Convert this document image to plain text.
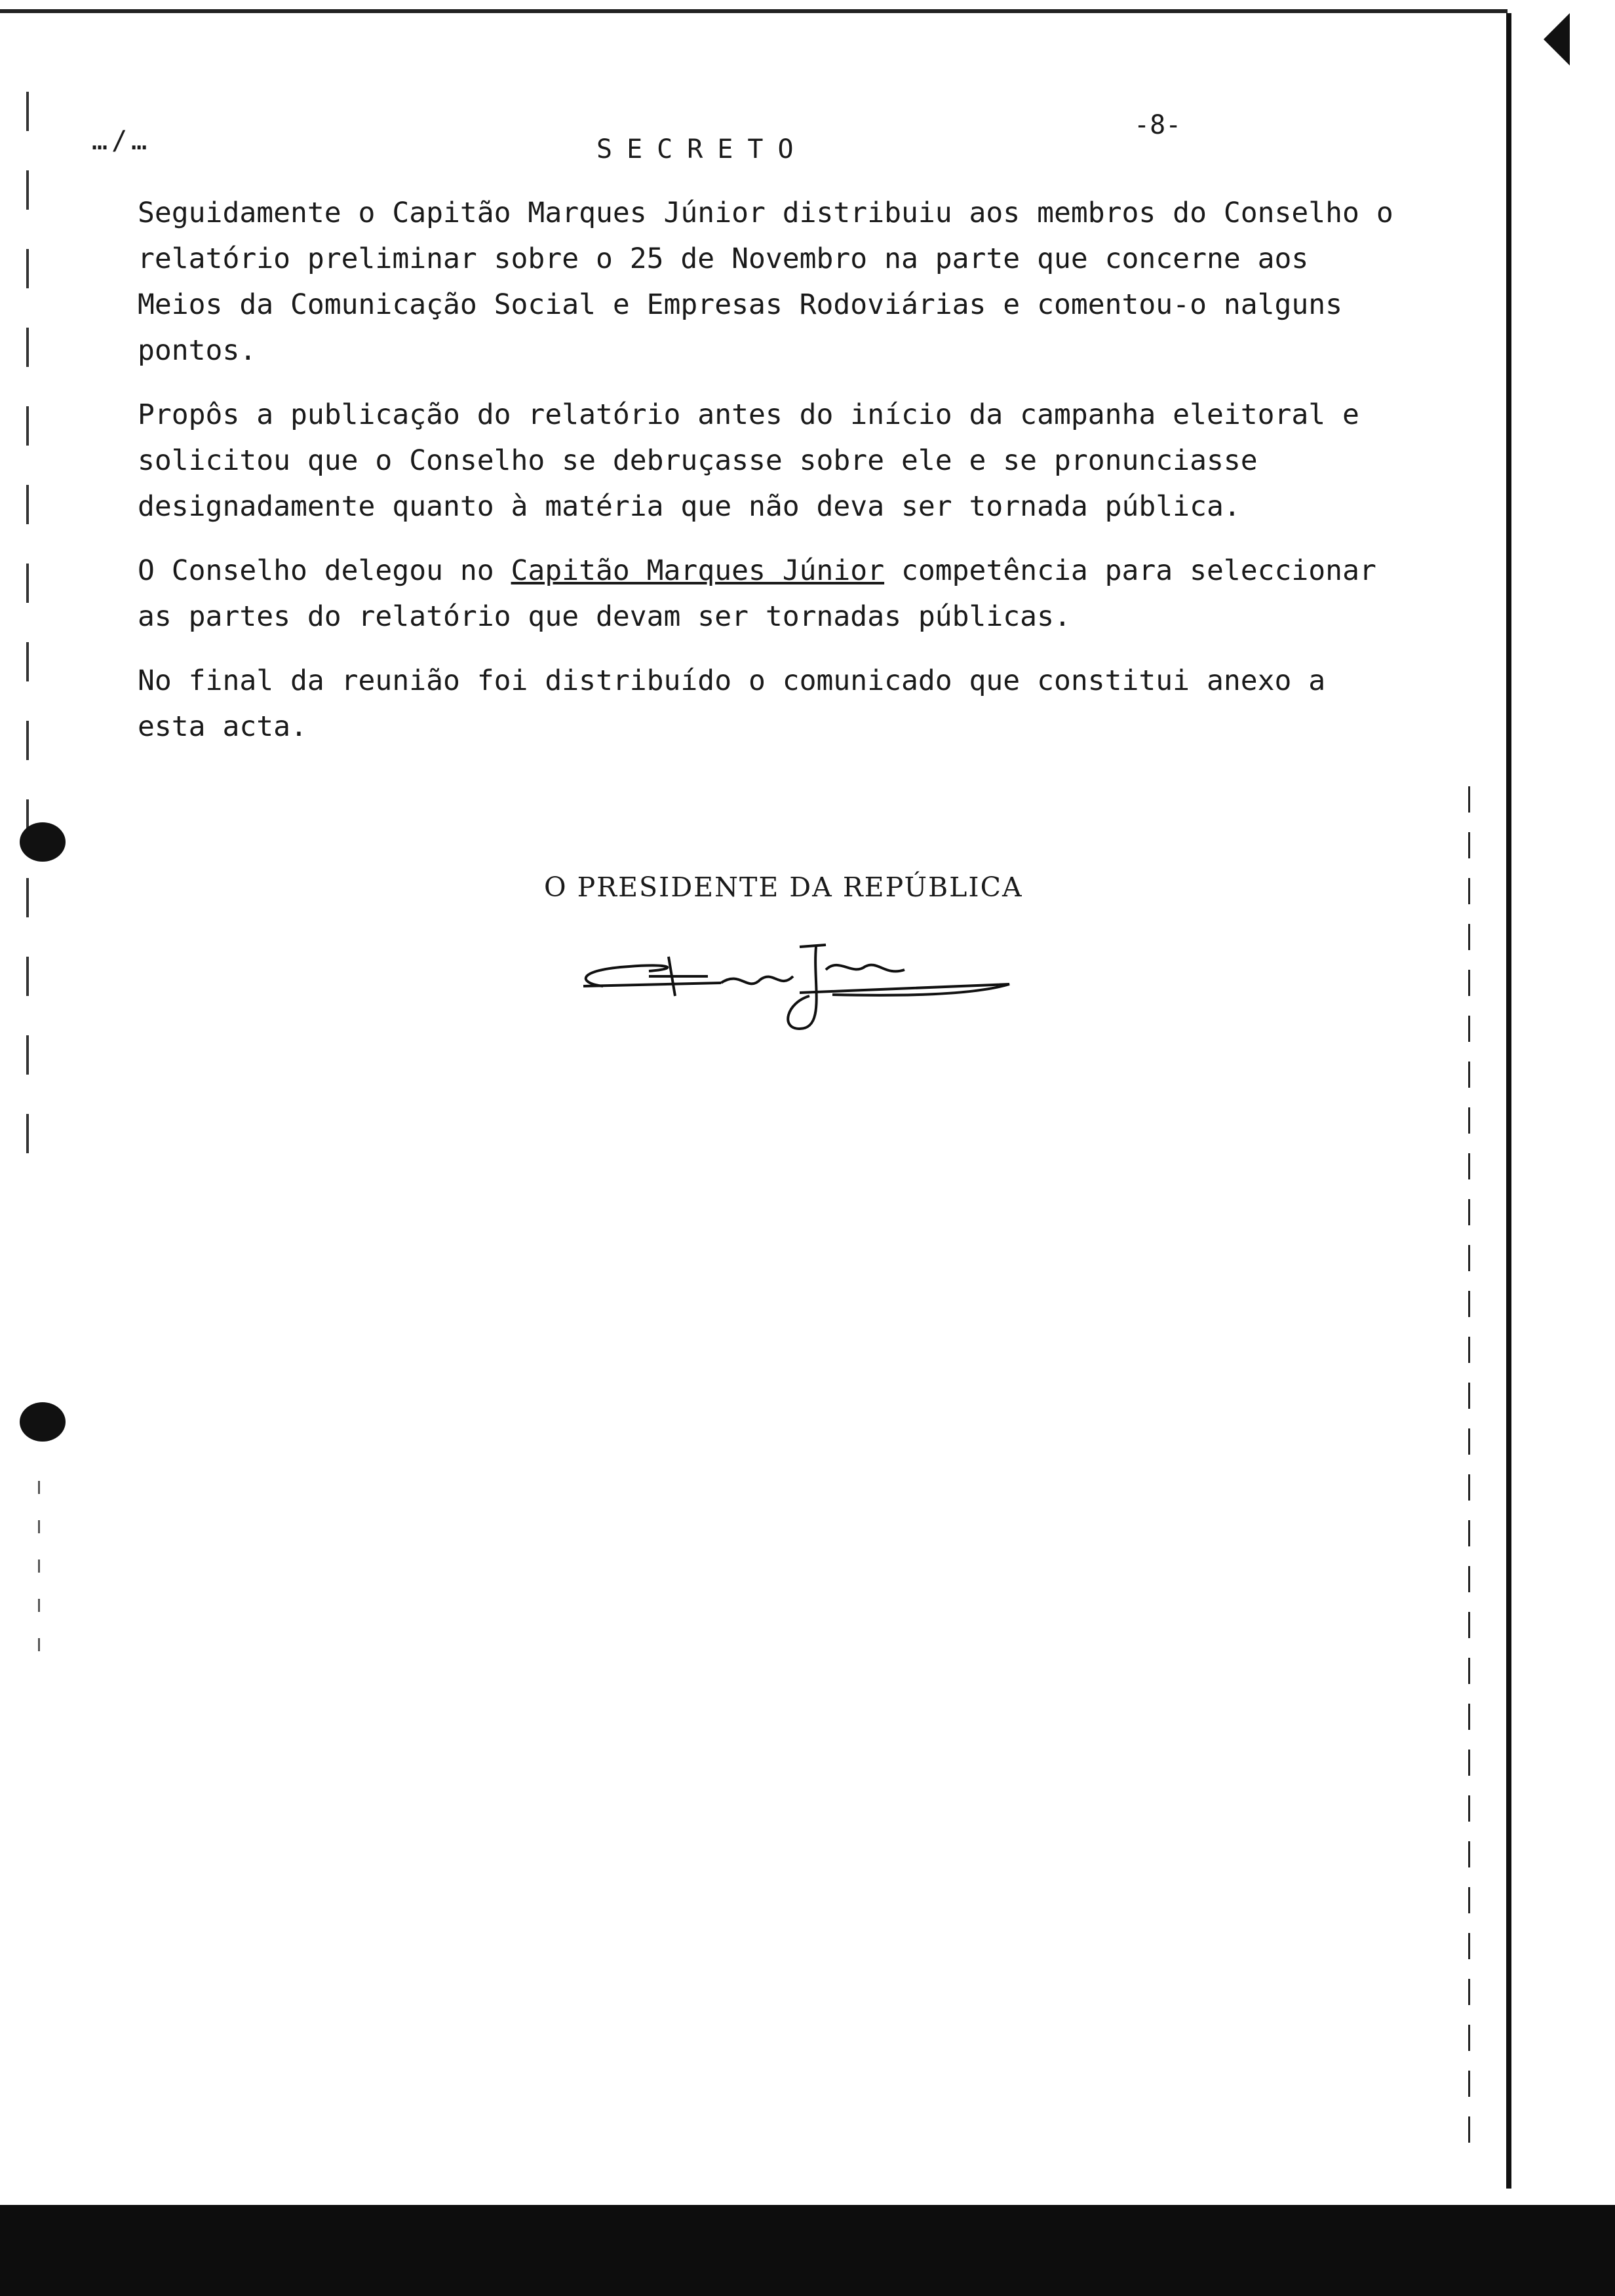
…/…	SECRETO
-8-

Seguidamente o Capitão Marques Júnior distribuiu aos membros do Conselho o relatório preliminar sobre o 25 de Novembro na parte que concerne aos Meios da Comunicação Social e Empresas Rodoviárias e comentou-o nalguns pontos.

Propôs a publicação do relatório antes do início da campanha eleitoral e solicitou que o Conselho se debruçasse sobre ele e se pronunciasse designadamente quanto à matéria que não deva ser tornada pública.

O Conselho delegou no Capitão Marques Júnior competência para seleccionar as partes do relatório que devam ser tornadas públicas.

No final da reunião foi distribuído o comunicado que constitui anexo a esta acta.

O PRESIDENTE DA REPÚBLICA
